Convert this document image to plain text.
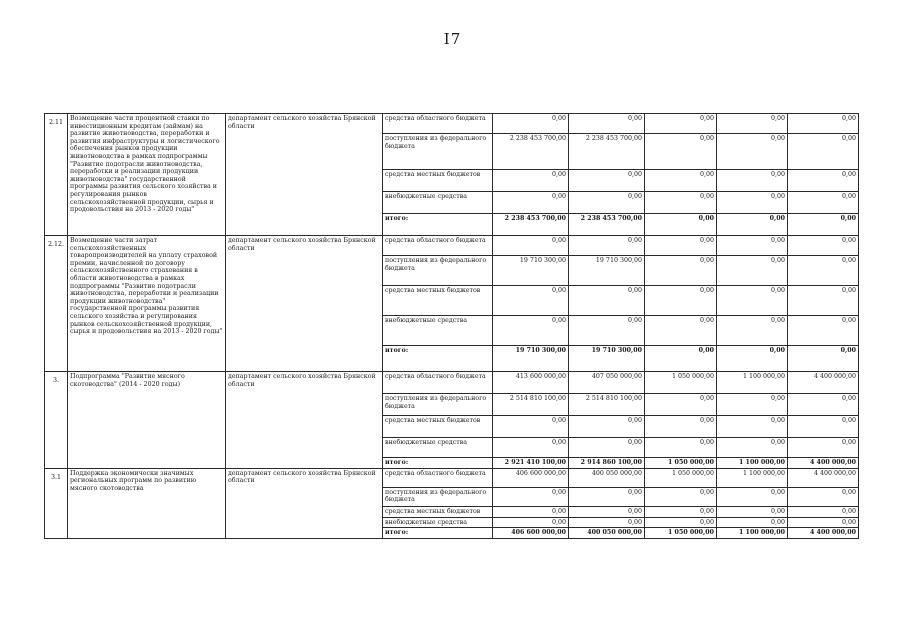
I7
2.11	Возмещение части процентной ставки по инвестиционным кредитам (займам) на развитие животноводства, переработки и развития инфраструктуры и логистического обеспечения рынков продукции животноводства в рамках подпрограммы "Развитие подотрасли животноводства, переработки и реализации продукции животноводства" государственной программы развития сельского хозяйства и регулирования рынков сельскохозяйственной продукции, сырья и продовольствия на 2013 - 2020 годы"	департамент сельского хозяйства Брянской области	средства областного бюджета	0,00	0,00	0,00	0,00	0,00
			поступления из федерального бюджета	2 238 453 700,00	2 238 453 700,00	0,00	0,00	0,00
			средства местных бюджетов	0,00	0,00	0,00	0,00	0,00
			внебюджетные средства	0,00	0,00	0,00	0,00	0,00
			итого:	2 238 453 700,00	2 238 453 700,00	0,00	0,00	0,00
2.12.	Возмещение части затрат сельскохозяйственных товаропроизводителей на уплату страховой премии, начисленной по договору сельскохозяйственного страхования в области животноводства в рамках подпрограммы "Развитие подотрасли животноводства, переработки и реализации продукции животноводства" государственной программы развития сельского хозяйства и регулирования рынков сельскохозяйственной продукции, сырья и продовольствия на 2013 - 2020 годы"	департамент сельского хозяйства Брянской области	средства областного бюджета	0,00	0,00	0,00	0,00	0,00
			поступления из федерального бюджета	19 710 300,00	19 710 300,00	0,00	0,00	0,00
			средства местных бюджетов	0,00	0,00	0,00	0,00	0,00
			внебюджетные средства	0,00	0,00	0,00	0,00	0,00
			итого:	19 710 300,00	19 710 300,00	0,00	0,00	0,00
3.	Подпрограмма "Развитие мясного скотоводства" (2014 - 2020 годы)	департамент сельского хозяйства Брянской области	средства областного бюджета	413 600 000,00	407 050 000,00	1 050 000,00	1 100 000,00	4 400 000,00
			поступления из федерального бюджета	2 514 810 100,00	2 514 810 100,00	0,00	0,00	0,00
			средства местных бюджетов	0,00	0,00	0,00	0,00	0,00
			внебюджетные средства	0,00	0,00	0,00	0,00	0,00
			итого:	2 921 410 100,00	2 914 860 100,00	1 050 000,00	1 100 000,00	4 400 000,00
3.1	Поддержка экономически значимых региональных программ по развитию мясного скотоводства	департамент сельского хозяйства Брянской области	средства областного бюджета	406 600 000,00	400 050 000,00	1 050 000,00	1 100 000,00	4 400 000,00
			поступления из федерального бюджета	0,00	0,00	0,00	0,00	0,00
			средства местных бюджетов	0,00	0,00	0,00	0,00	0,00
			внебюджетные средства	0,00	0,00	0,00	0,00	0,00
			итого:	406 600 000,00	400 050 000,00	1 050 000,00	1 100 000,00	4 400 000,00
